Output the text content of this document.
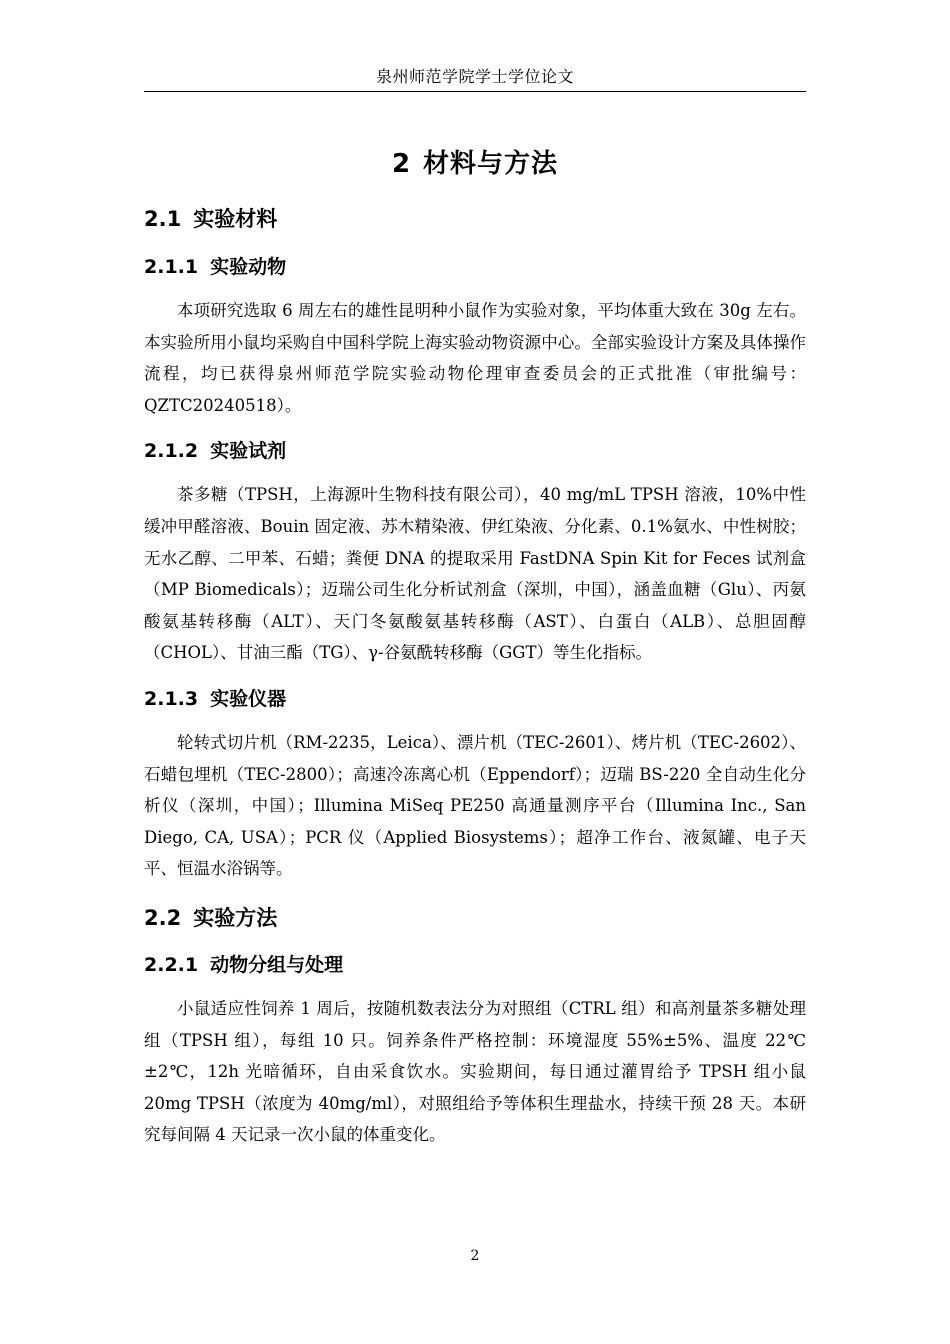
泉州师范学院学士学位论文
2 材料与方法
2.1 实验材料
2.1.1 实验动物

本项研究选取 6 周左右的雄性昆明种小鼠作为实验对象，平均体重大致在 30g 左右。本实验所用小鼠均采购自中国科学院上海实验动物资源中心。全部实验设计方案及具体操作流程，均已获得泉州师范学院实验动物伦理审查委员会的正式批准（审批编号：QZTC20240518）。

2.1.2 实验试剂

茶多糖（TPSH，上海源叶生物科技有限公司），40 mg/mL TPSH 溶液，10%中性缓冲甲醛溶液、Bouin 固定液、苏木精染液、伊红染液、分化素、0.1%氨水、中性树胶；无水乙醇、二甲苯、石蜡；粪便 DNA 的提取采用 FastDNA Spin Kit for Feces 试剂盒（MP Biomedicals）；迈瑞公司生化分析试剂盒（深圳，中国），涵盖血糖（Glu）、丙氨酸氨基转移酶（ALT）、天门冬氨酸氨基转移酶（AST）、白蛋白（ALB）、总胆固醇（CHOL）、甘油三酯（TG）、γ-谷氨酰转移酶（GGT）等生化指标。

2.1.3 实验仪器

轮转式切片机（RM-2235，Leica）、漂片机（TEC-2601）、烤片机（TEC-2602）、石蜡包埋机（TEC-2800）；高速冷冻离心机（Eppendorf）；迈瑞 BS-220 全自动生化分析仪（深圳，中国）；Illumina MiSeq PE250 高通量测序平台（Illumina Inc., San Diego, CA, USA）；PCR 仪（Applied Biosystems）；超净工作台、液氮罐、电子天平、恒温水浴锅等。

2.2 实验方法
2.2.1 动物分组与处理

小鼠适应性饲养 1 周后，按随机数表法分为对照组（CTRL 组）和高剂量茶多糖处理组（TPSH 组），每组 10 只。饲养条件严格控制：环境湿度 55%±5%、温度 22℃±2℃，12h 光暗循环，自由采食饮水。实验期间，每日通过灌胃给予 TPSH 组小鼠 20mg TPSH（浓度为 40mg/ml），对照组给予等体积生理盐水，持续干预 28 天。本研究每间隔 4 天记录一次小鼠的体重变化。

2
